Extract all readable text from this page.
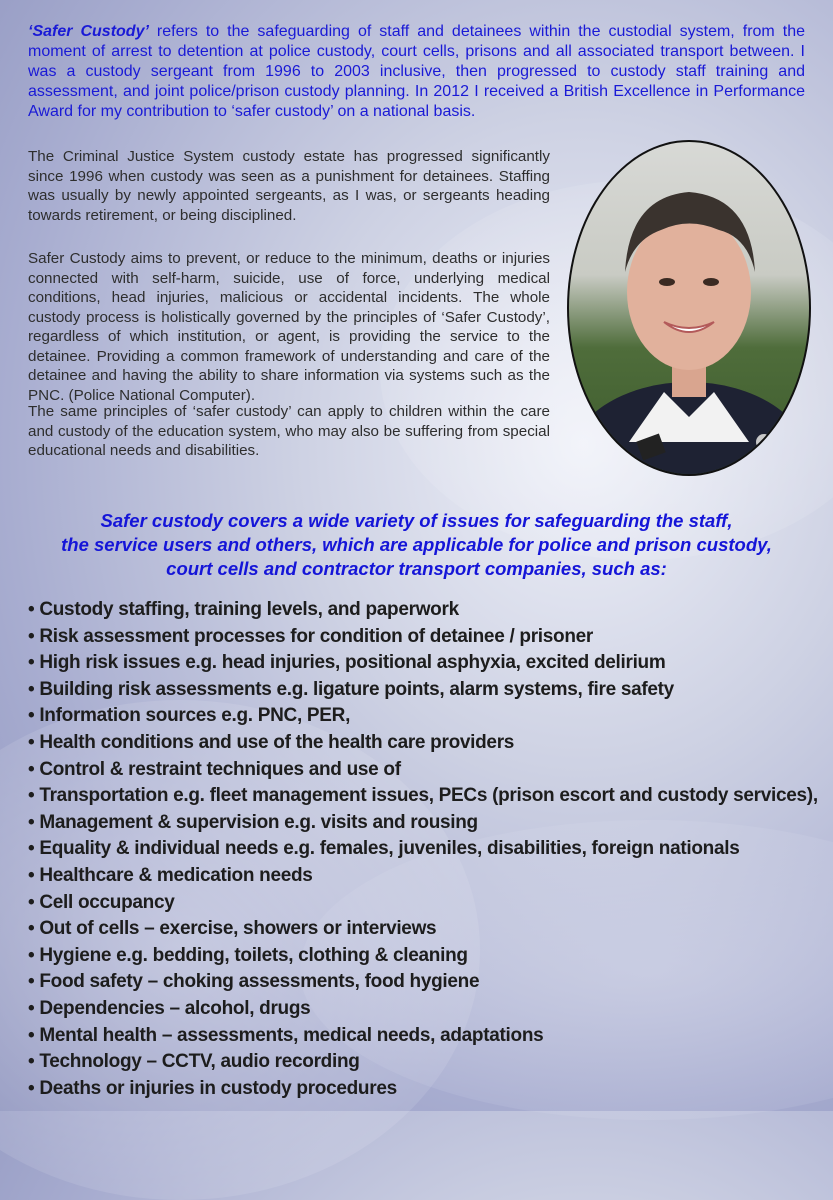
‘Safer Custody’ refers to the safeguarding of staff and detainees within the custodial system, from the moment of arrest to detention at police custody, court cells, prisons and all associated transport between. I was a custody sergeant from 1996 to 2003 inclusive, then progressed to custody staff training and assessment, and joint police/prison custody planning. In 2012 I received a British Excellence in Performance Award for my contribution to ‘safer custody’ on a national basis.

The Criminal Justice System custody estate has progressed significantly since 1996 when custody was seen as a punishment for detainees. Staffing was usually by newly appointed sergeants, as I was, or sergeants heading towards retirement, or being disciplined.

Safer Custody aims to prevent, or reduce to the minimum, deaths or injuries connected with self-harm, suicide, use of force, underlying medical conditions, head injuries, malicious or accidental incidents. The whole custody process is holistically governed by the principles of ‘Safer Custody’, regardless of which institution, or agent, is providing the service to the detainee. Providing a common framework of understanding and care of the detainee and having the ability to share information via systems such as the PNC. (Police National Computer).

The same principles of ‘safer custody’ can apply to children within the care and custody of the education system, who may also be suffering from special educational needs and disabilities.

Safer custody covers a wide variety of issues for safeguarding the staff,
the service users and others, which are applicable for police and prison custody,
court cells and contractor transport companies, such as:

• Custody staffing, training levels, and paperwork
• Risk assessment processes for condition of detainee / prisoner
• High risk issues e.g. head injuries, positional asphyxia, excited delirium
• Building risk assessments e.g. ligature points, alarm systems, fire safety
• Information sources e.g. PNC, PER,
• Health conditions and use of the health care providers
• Control & restraint techniques and use of
• Transportation e.g. fleet management issues, PECs (prison escort and custody services),
• Management & supervision e.g. visits and rousing
• Equality & individual needs e.g. females, juveniles, disabilities, foreign nationals
• Healthcare & medication needs
• Cell occupancy
• Out of cells – exercise, showers or interviews
• Hygiene e.g. bedding, toilets, clothing & cleaning
• Food safety – choking assessments, food hygiene
• Dependencies – alcohol, drugs
• Mental health – assessments, medical needs, adaptations
• Technology – CCTV, audio recording
• Deaths or injuries in custody procedures
